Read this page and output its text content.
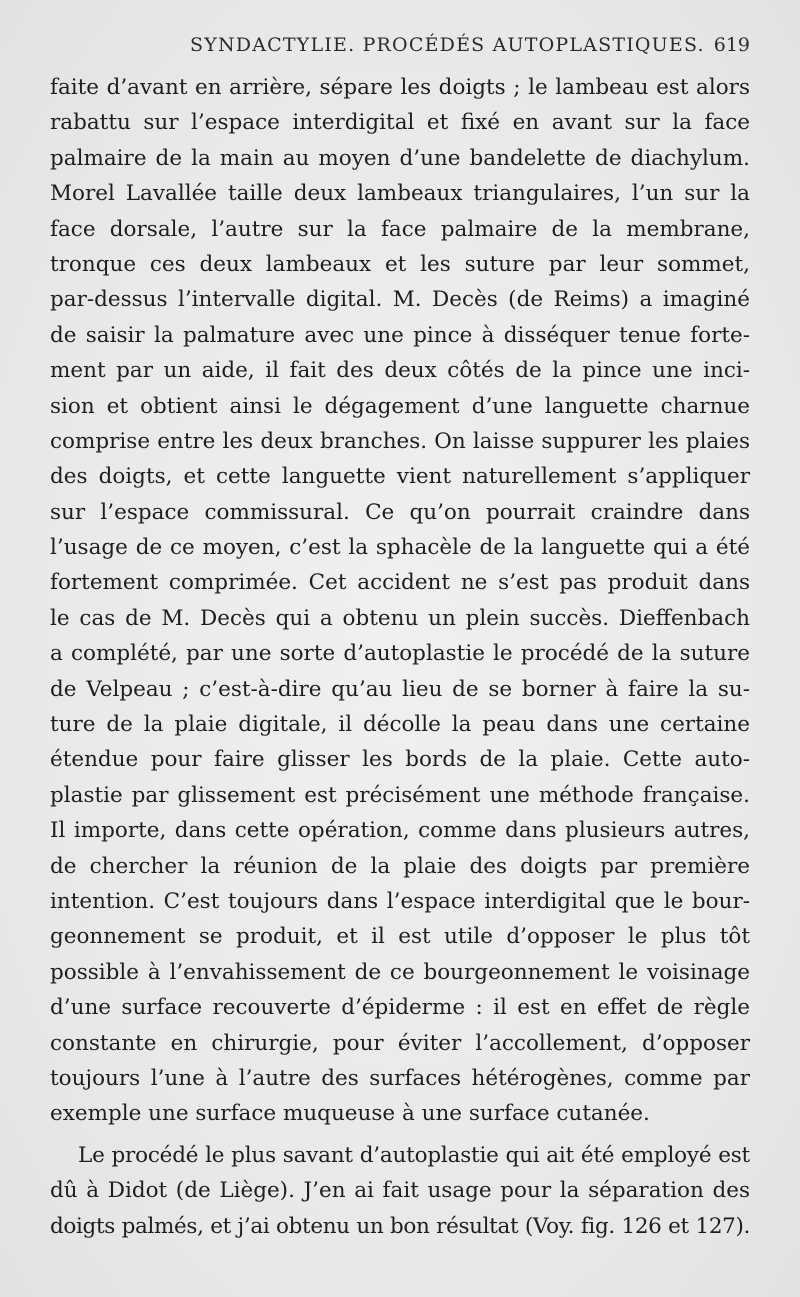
SYNDACTYLIE. PROCÉDÉS AUTOPLASTIQUES. 619
faite d’avant en arrière, sépare les doigts ; le lambeau est alors
rabattu sur l’espace interdigital et fixé en avant sur la face
palmaire de la main au moyen d’une bandelette de diachylum.
Morel Lavallée taille deux lambeaux triangulaires, l’un sur la
face dorsale, l’autre sur la face palmaire de la membrane,
tronque ces deux lambeaux et les suture par leur sommet,
par-dessus l’intervalle digital. M. Decès (de Reims) a imaginé
de saisir la palmature avec une pince à disséquer tenue forte-
ment par un aide, il fait des deux côtés de la pince une inci-
sion et obtient ainsi le dégagement d’une languette charnue
comprise entre les deux branches. On laisse suppurer les plaies
des doigts, et cette languette vient naturellement s’appliquer
sur l’espace commissural. Ce qu’on pourrait craindre dans
l’usage de ce moyen, c’est la sphacèle de la languette qui a été
fortement comprimée. Cet accident ne s’est pas produit dans
le cas de M. Decès qui a obtenu un plein succès. Dieffenbach
a complété, par une sorte d’autoplastie le procédé de la suture
de Velpeau ; c’est-à-dire qu’au lieu de se borner à faire la su-
ture de la plaie digitale, il décolle la peau dans une certaine
étendue pour faire glisser les bords de la plaie. Cette auto-
plastie par glissement est précisément une méthode française.
Il importe, dans cette opération, comme dans plusieurs autres,
de chercher la réunion de la plaie des doigts par première
intention. C’est toujours dans l’espace interdigital que le bour-
geonnement se produit, et il est utile d’opposer le plus tôt
possible à l’envahissement de ce bourgeonnement le voisinage
d’une surface recouverte d’épiderme : il est en effet de règle
constante en chirurgie, pour éviter l’accollement, d’opposer
toujours l’une à l’autre des surfaces hétérogènes, comme par
exemple une surface muqueuse à une surface cutanée.
Le procédé le plus savant d’autoplastie qui ait été employé est
dû à Didot (de Liège). J’en ai fait usage pour la séparation des
doigts palmés, et j’ai obtenu un bon résultat (Voy. fig. 126 et 127).
